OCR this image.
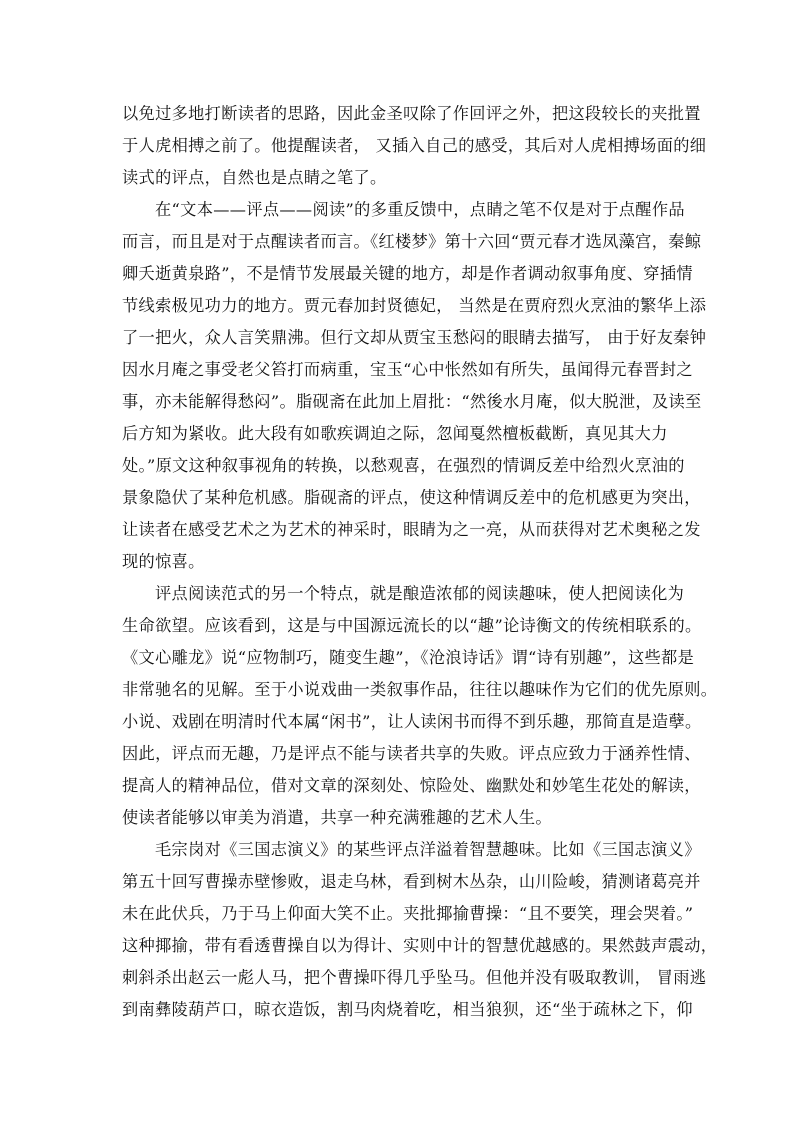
以免过多地打断读者的思路，因此金圣叹除了作回评之外，把这段较长的夹批置
于人虎相搏之前了。他提醒读者， 又插入自己的感受，其后对人虎相搏场面的细
读式的评点，自然也是点睛之笔了。
在“文本——评点——阅读”的多重反馈中，点睛之笔不仅是对于点醒作品
而言，而且是对于点醒读者而言。《红楼梦》第十六回“贾元春才选凤藻宫，秦鲸
卿夭逝黄泉路”，不是情节发展最关键的地方，却是作者调动叙事角度、穿插情
节线索极见功力的地方。贾元春加封贤德妃， 当然是在贾府烈火烹油的繁华上添
了一把火，众人言笑鼎沸。但行文却从贾宝玉愁闷的眼睛去描写， 由于好友秦钟
因水月庵之事受老父笞打而病重，宝玉“心中怅然如有所失，虽闻得元春晋封之
事，亦未能解得愁闷”。脂砚斋在此加上眉批：“然後水月庵，似大脱泄，及读至
后方知为紧收。此大段有如歌疾调迫之际，忽闻戛然檀板截断，真见其大力
处。”原文这种叙事视角的转换，以愁观喜，在强烈的情调反差中给烈火烹油的
景象隐伏了某种危机感。脂砚斋的评点，使这种情调反差中的危机感更为突出，
让读者在感受艺术之为艺术的神采时，眼睛为之一亮，从而获得对艺术奥秘之发
现的惊喜。
评点阅读范式的另一个特点，就是酿造浓郁的阅读趣味，使人把阅读化为
生命欲望。应该看到，这是与中国源远流长的以“趣”论诗衡文的传统相联系的。
《文心雕龙》说“应物制巧，随变生趣”，《沧浪诗话》谓“诗有别趣”，这些都是
非常驰名的见解。至于小说戏曲一类叙事作品，往往以趣味作为它们的优先原则。
小说、戏剧在明清时代本属“闲书”，让人读闲书而得不到乐趣，那简直是造孽。
因此，评点而无趣，乃是评点不能与读者共享的失败。评点应致力于涵养性情、
提高人的精神品位，借对文章的深刻处、惊险处、幽默处和妙笔生花处的解读，
使读者能够以审美为消遣，共享一种充满雅趣的艺术人生。
毛宗岗对《三国志演义》的某些评点洋溢着智慧趣味。比如《三国志演义》
第五十回写曹操赤壁惨败，退走乌林，看到树木丛杂，山川险峻，猜测诸葛亮并
未在此伏兵，乃于马上仰面大笑不止。夹批揶揄曹操：“且不要笑，理会哭着。”
这种揶揄，带有看透曹操自以为得计、实则中计的智慧优越感的。果然鼓声震动，
刺斜杀出赵云一彪人马，把个曹操吓得几乎坠马。但他并没有吸取教训， 冒雨逃
到南彝陵葫芦口，晾衣造饭，割马肉烧着吃，相当狼狈，还“坐于疏林之下，仰
